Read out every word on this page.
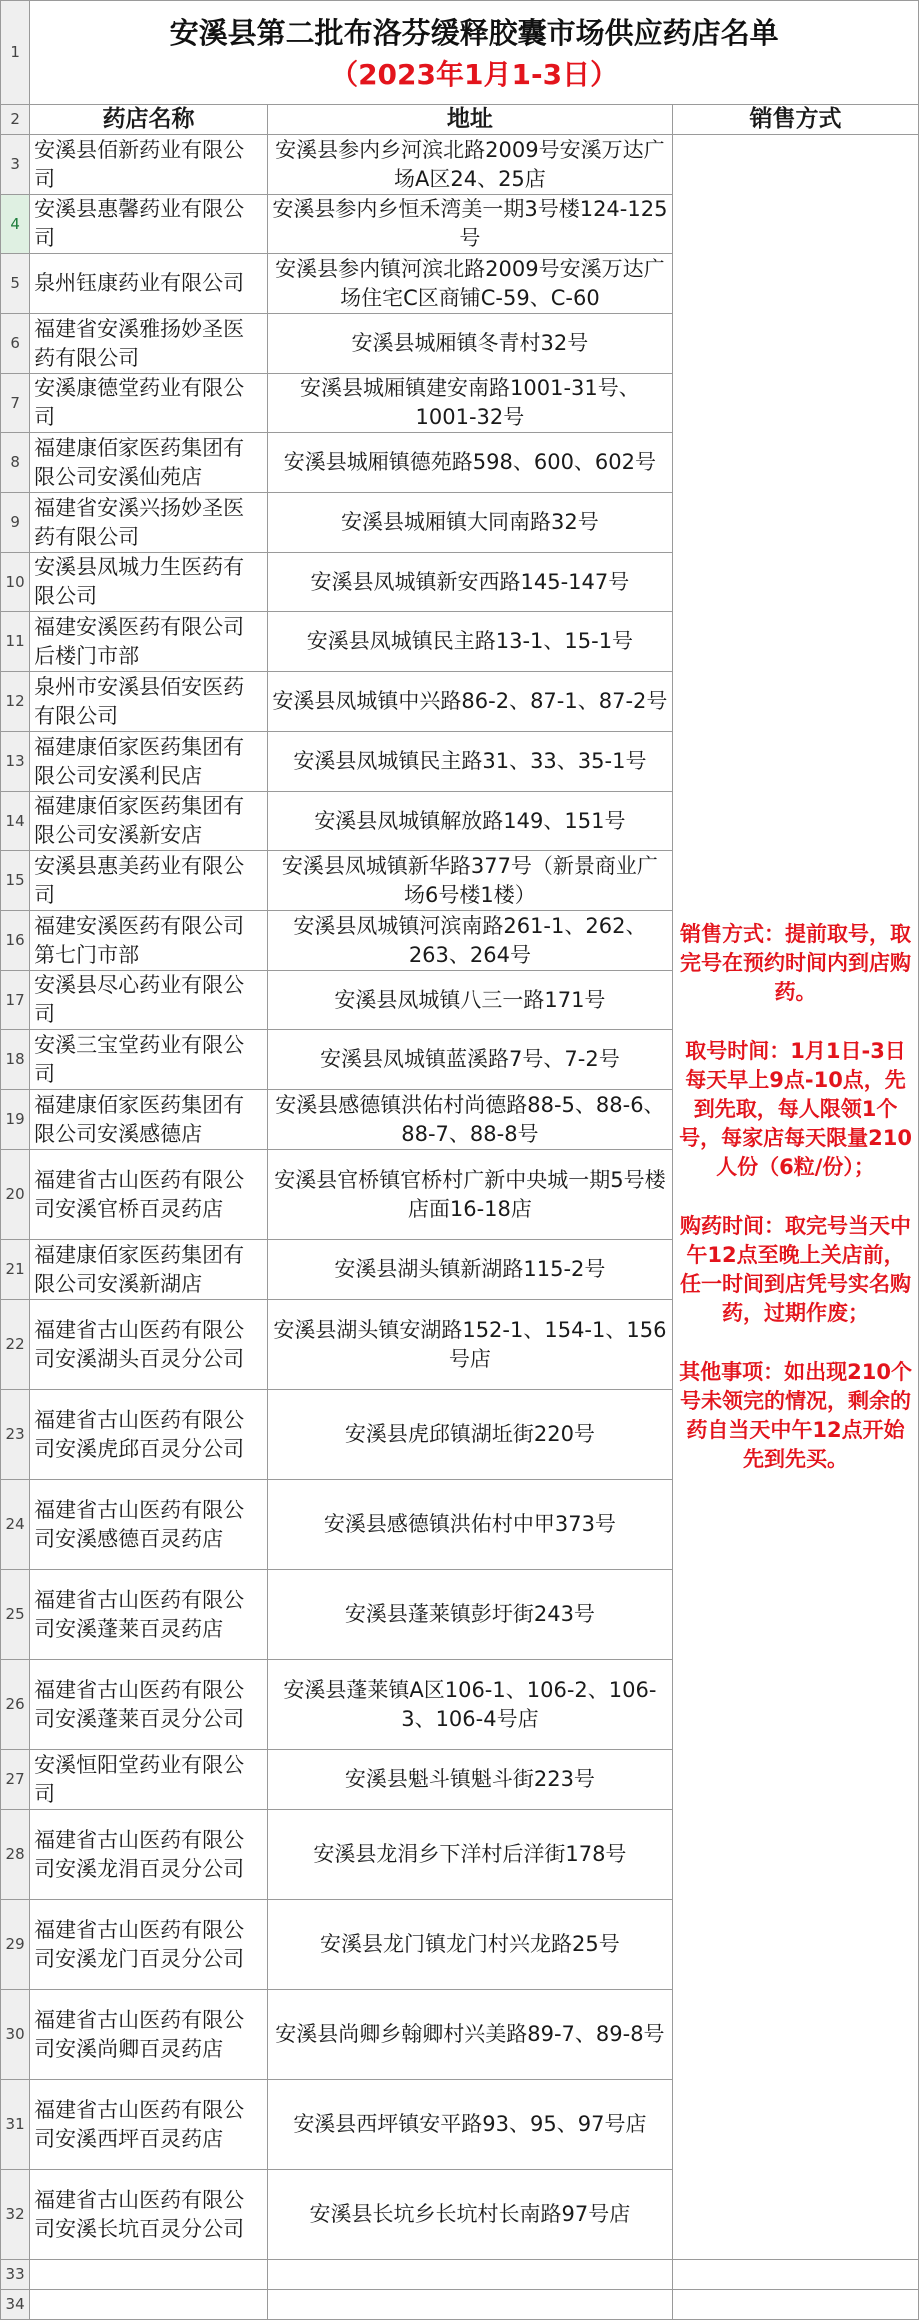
1	安溪县第二批布洛芬缓释胶囊市场供应药店名单
（2023年1月1-3日）		

2	药店名称	地址	销售方式
3	安溪县佰新药业有限公司	安溪县参内乡河滨北路2009号安溪万达广场A区24、25店	销售方式：提前取号，取完号在预约时间内到店购药。
取号时间：1月1日-3日每天早上9点-10点，先到先取，每人限领1个号，每家店每天限量210人份（6粒/份）；
购药时间：取完号当天中午12点至晚上关店前，任一时间到店凭号实名购药，过期作废；
其他事项：如出现210个号未领完的情况，剩余的药自当天中午12点开始先到先买。

4	安溪县惠馨药业有限公司	安溪县参内乡恒禾湾美一期3号楼124-125号	
5	泉州钰康药业有限公司	安溪县参内镇河滨北路2009号安溪万达广场住宅C区商铺C-59、C-60	
6	福建省安溪雅扬妙圣医药有限公司	安溪县城厢镇冬青村32号	
7	安溪康德堂药业有限公司	安溪县城厢镇建安南路1001-31号、1001-32号	
8	福建康佰家医药集团有限公司安溪仙苑店	安溪县城厢镇德苑路598、600、602号	
9	福建省安溪兴扬妙圣医药有限公司	安溪县城厢镇大同南路32号	
10	安溪县凤城力生医药有限公司	安溪县凤城镇新安西路145-147号	
11	福建安溪医药有限公司后楼门市部	安溪县凤城镇民主路13-1、15-1号	
12	泉州市安溪县佰安医药有限公司	安溪县凤城镇中兴路86-2、87-1、87-2号	
13	福建康佰家医药集团有限公司安溪利民店	安溪县凤城镇民主路31、33、35-1号	
14	福建康佰家医药集团有限公司安溪新安店	安溪县凤城镇解放路149、151号	
15	安溪县惠美药业有限公司	安溪县凤城镇新华路377号（新景商业广场6号楼1楼）	
16	福建安溪医药有限公司第七门市部	安溪县凤城镇河滨南路261-1、262、263、264号	
17	安溪县尽心药业有限公司	安溪县凤城镇八三一路171号	
18	安溪三宝堂药业有限公司	安溪县凤城镇蓝溪路7号、7-2号	
19	福建康佰家医药集团有限公司安溪感德店	安溪县感德镇洪佑村尚德路88-5、88-6、88-7、88-8号	
20	福建省古山医药有限公司安溪官桥百灵药店	安溪县官桥镇官桥村广新中央城一期5号楼店面16-18店	
21	福建康佰家医药集团有限公司安溪新湖店	安溪县湖头镇新湖路115-2号	
22	福建省古山医药有限公司安溪湖头百灵分公司	安溪县湖头镇安湖路152-1、154-1、156号店	
23	福建省古山医药有限公司安溪虎邱百灵分公司	安溪县虎邱镇湖坵街220号	
24	福建省古山医药有限公司安溪感德百灵药店	安溪县感德镇洪佑村中甲373号	
25	福建省古山医药有限公司安溪蓬莱百灵药店	安溪县蓬莱镇彭圩街243号	
26	福建省古山医药有限公司安溪蓬莱百灵分公司	安溪县蓬莱镇A区106-1、106-2、106-3、106-4号店	
27	安溪恒阳堂药业有限公司	安溪县魁斗镇魁斗街223号	
28	福建省古山医药有限公司安溪龙涓百灵分公司	安溪县龙涓乡下洋村后洋街178号	
29	福建省古山医药有限公司安溪龙门百灵分公司	安溪县龙门镇龙门村兴龙路25号	
30	福建省古山医药有限公司安溪尚卿百灵药店	安溪县尚卿乡翰卿村兴美路89-7、89-8号	
31	福建省古山医药有限公司安溪西坪百灵药店	安溪县西坪镇安平路93、95、97号店	
32	福建省古山医药有限公司安溪长坑百灵分公司	安溪县长坑乡长坑村长南路97号店	
33			
34			
